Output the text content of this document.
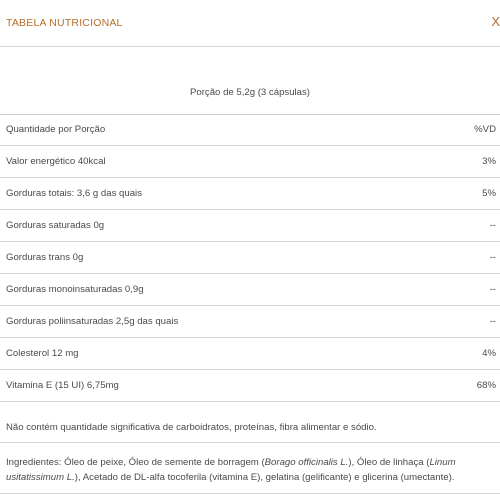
TABELA NUTRICIONAL	X
Porção de 5,2g (3 cápsulas)
Quantidade por Porção	%VD
Valor energético 40kcal	3%
Gorduras totais: 3,6 g das quais	5%
Gorduras saturadas 0g	--
Gorduras trans 0g	--
Gorduras monoinsaturadas 0,9g	--
Gorduras poliinsaturadas 2,5g das quais	--
Colesterol 12 mg	4%
Vitamina E (15 UI) 6,75mg	68%
Não contém quantidade significativa de carboidratos, proteínas, fibra alimentar e sódio.
Ingredientes: Óleo de peixe, Óleo de semente de borragem (Borago officinalis L.), Óleo de linhaça (Linum usitatissimum L.), Acetado de DL-alfa tocoferila (vitamina E), gelatina (gelificante) e glicerina (umectante).
